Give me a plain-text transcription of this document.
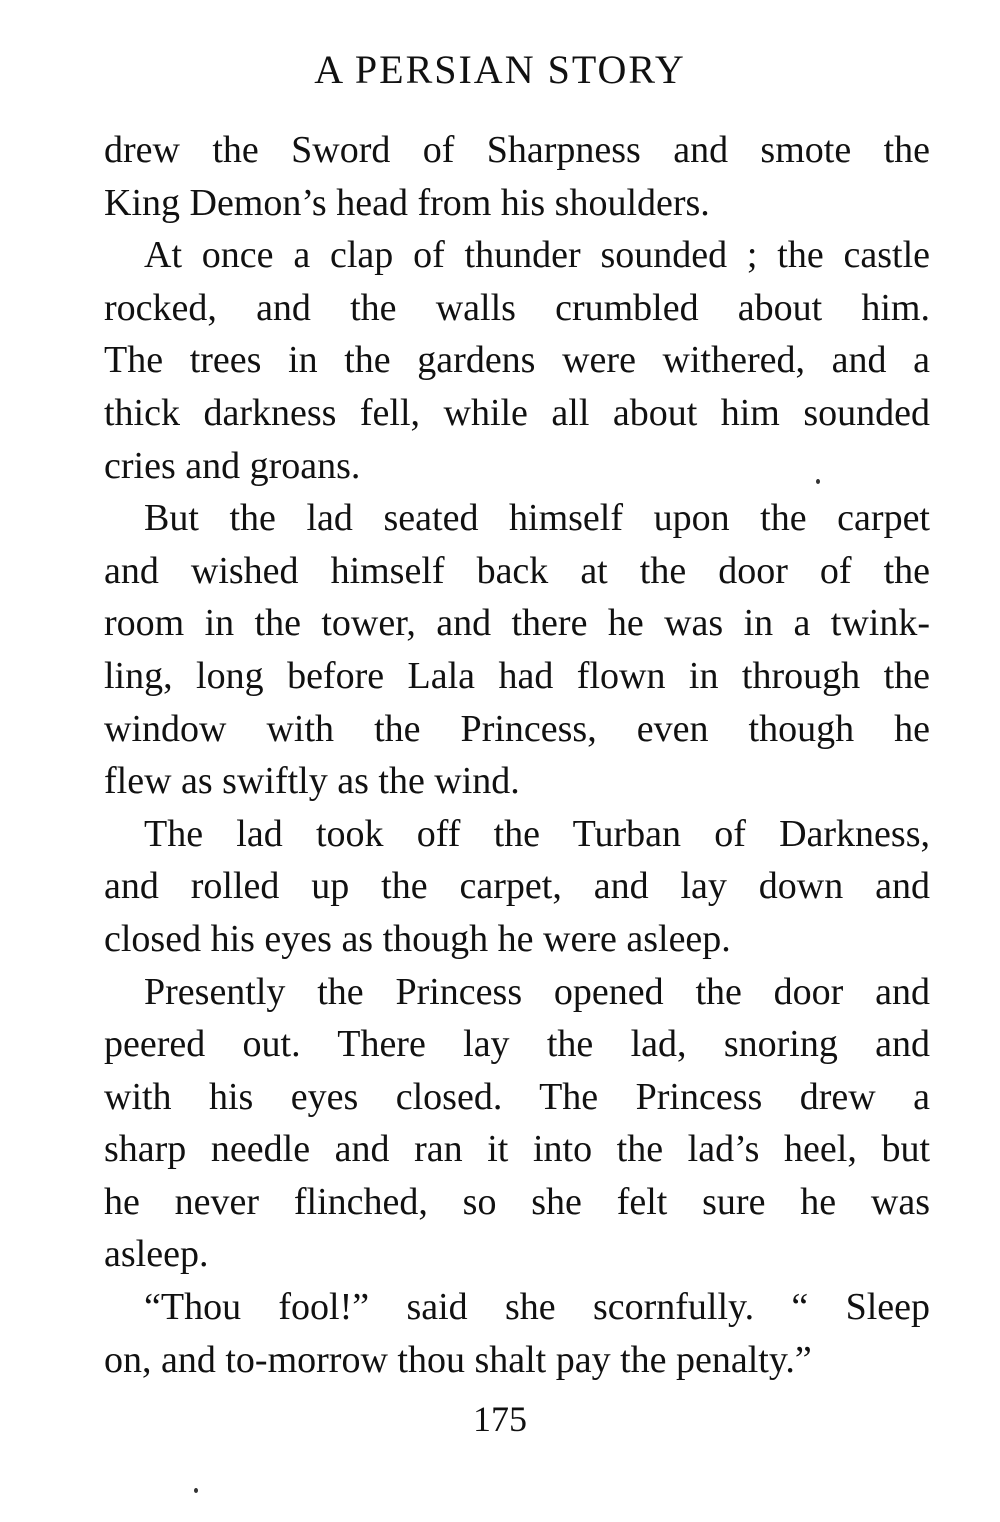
A PERSIAN STORY
drew the Sword of Sharpness and smote the
King Demon’s head from his shoulders.
At once a clap of thunder sounded ; the castle
rocked, and the walls crumbled about him.
The trees in the gardens were withered, and a
thick darkness fell, while all about him sounded
cries and groans.
But the lad seated himself upon the carpet
and wished himself back at the door of the
room in the tower, and there he was in a twink-
ling, long before Lala had flown in through the
window with the Princess, even though he
flew as swiftly as the wind.
The lad took off the Turban of Darkness,
and rolled up the carpet, and lay down and
closed his eyes as though he were asleep.
Presently the Princess opened the door and
peered out. There lay the lad, snoring and
with his eyes closed. The Princess drew a
sharp needle and ran it into the lad’s heel, but
he never flinched, so she felt sure he was
asleep.
“Thou fool!” said she scornfully. “ Sleep
on, and to-morrow thou shalt pay the penalty.”
175
